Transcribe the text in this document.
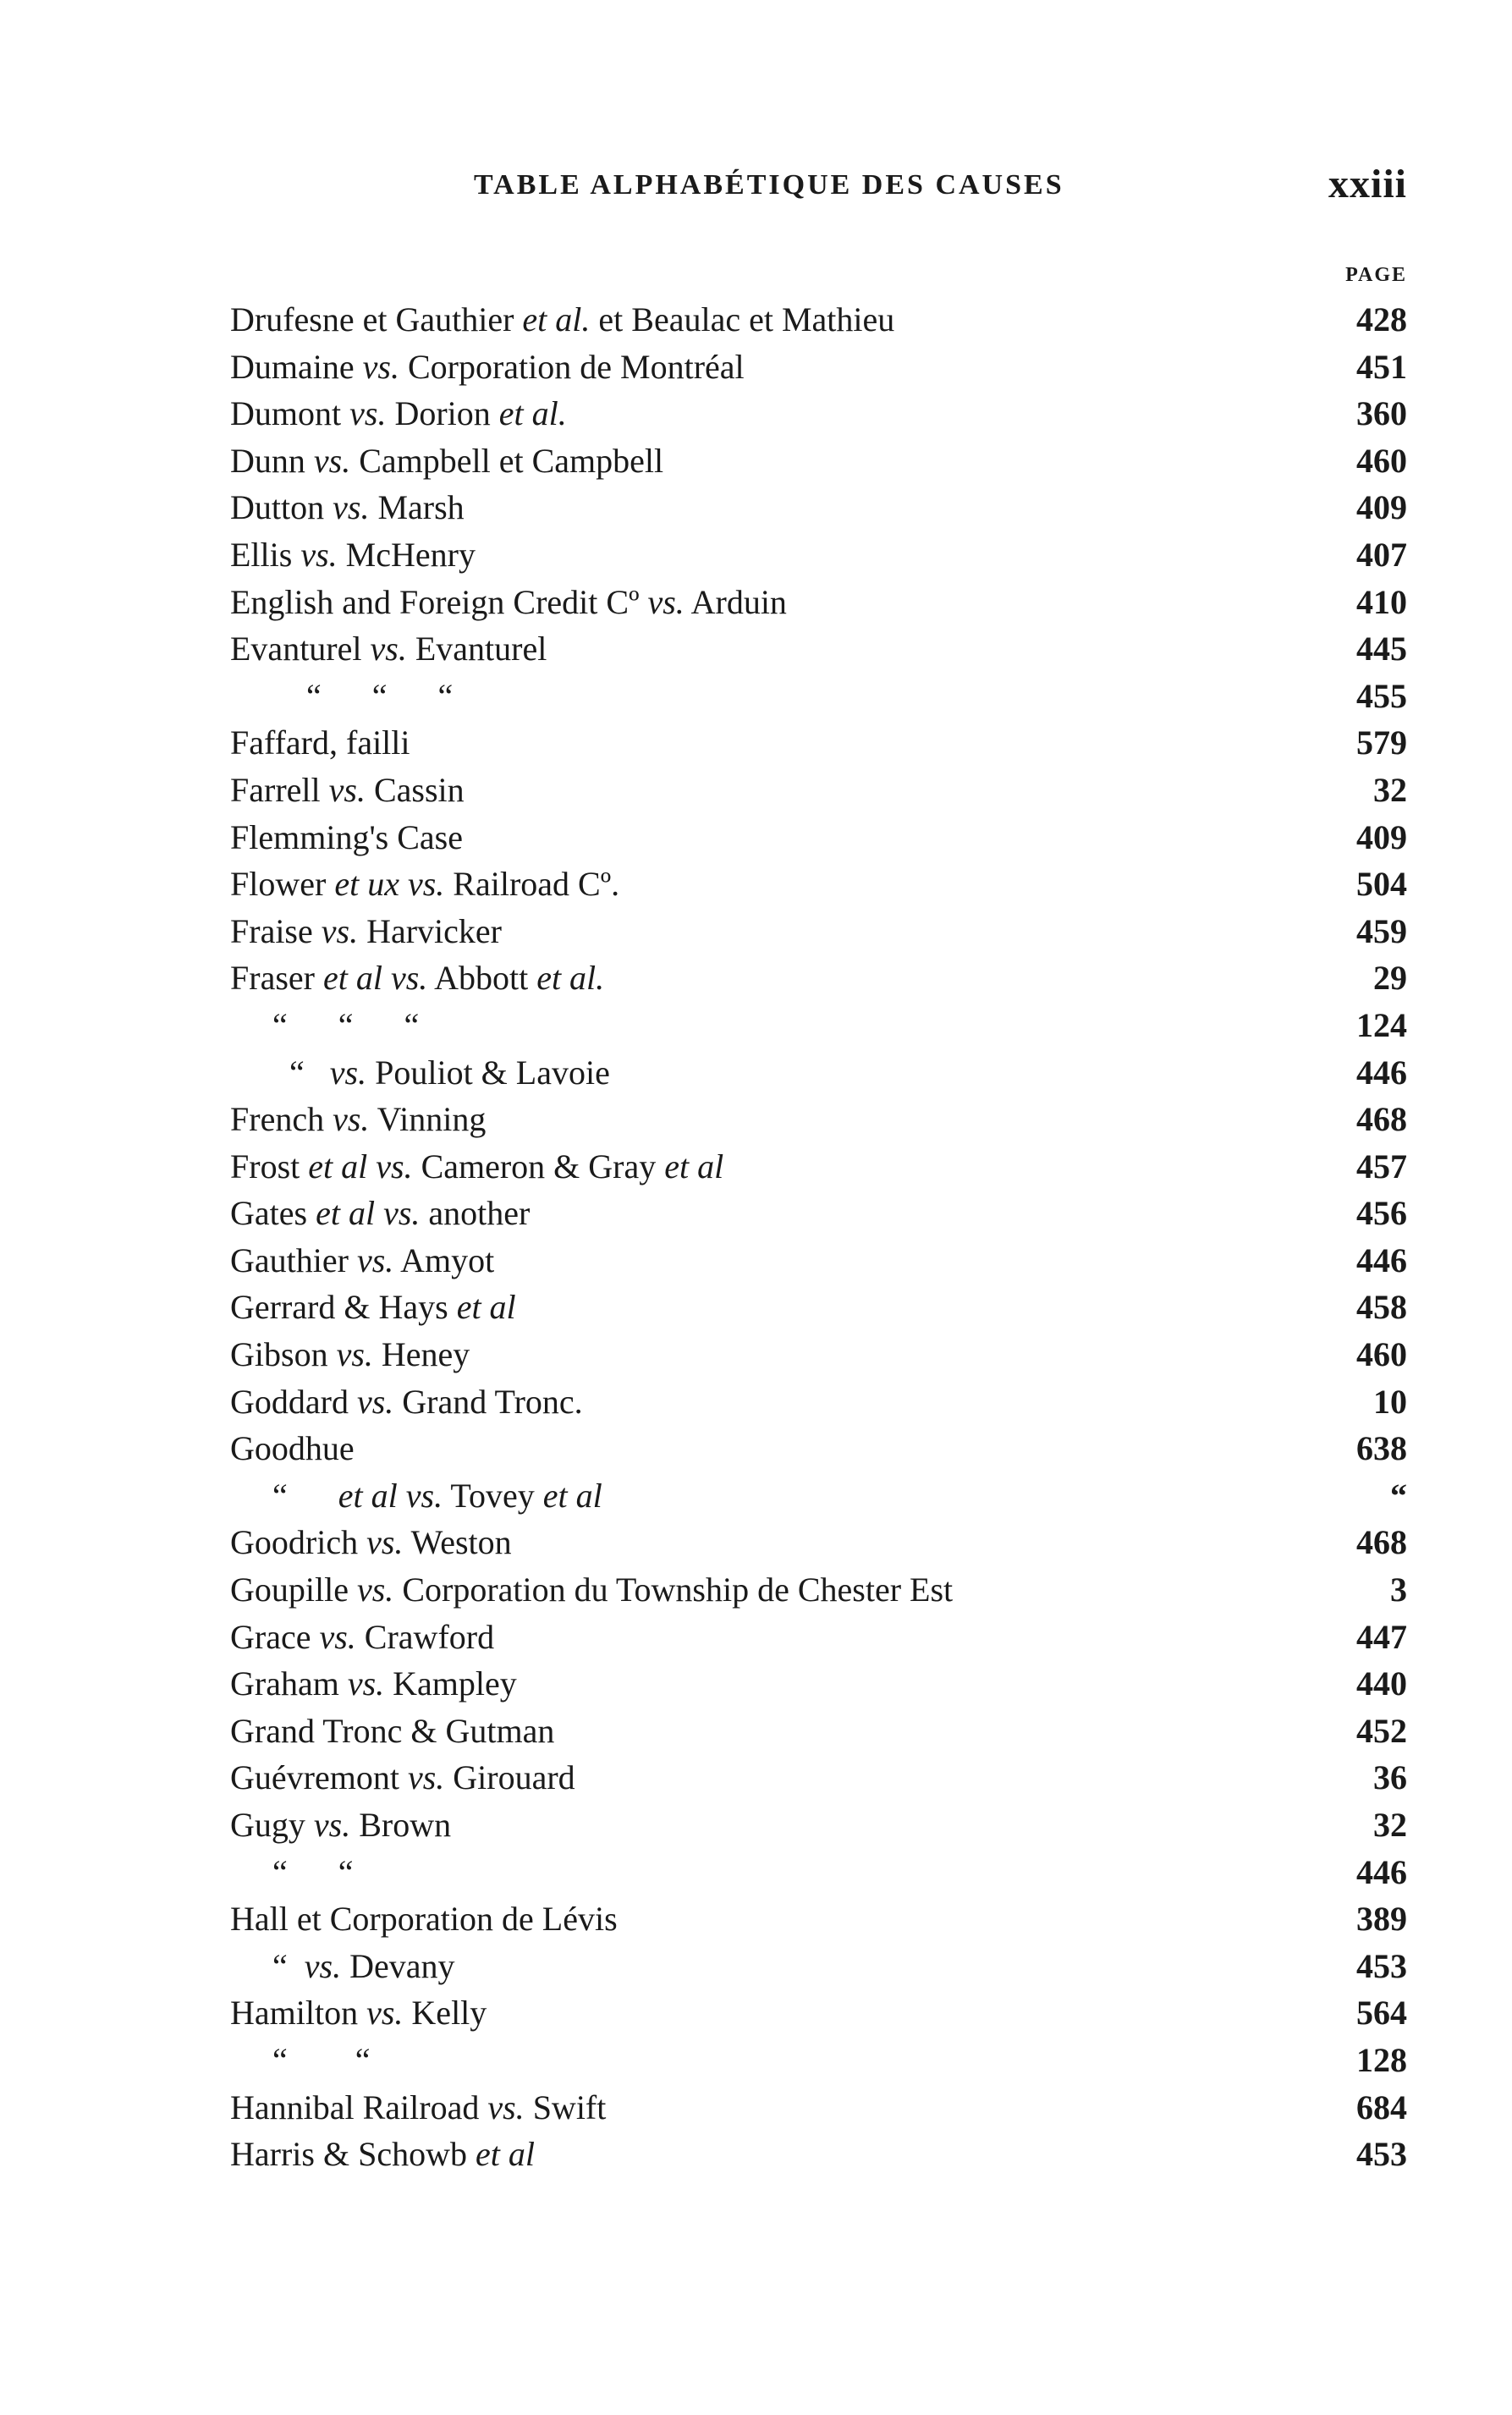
TABLE ALPHABÉTIQUE DES CAUSES	xxiii
PAGE
Drufesne et Gauthier et al. et Beaulac et Mathieu	428
Dumaine vs. Corporation de Montréal	451
Dumont vs. Dorion et al.	360
Dunn vs. Campbell et Campbell	460
Dutton vs. Marsh	409
Ellis vs. McHenry	407
English and Foreign Credit Cº vs. Arduin	410
Evanturel vs. Evanturel	445
“      “      “	455
Faffard, failli	579
Farrell vs. Cassin	32
Flemming's Case	409
Flower et ux vs. Railroad Cº.	504
Fraise vs. Harvicker	459
Fraser et al vs. Abbott et al.	29
“      “      “	124
“   vs. Pouliot & Lavoie	446
French vs. Vinning	468
Frost et al vs. Cameron & Gray et al	457
Gates et al vs. another	456
Gauthier vs. Amyot	446
Gerrard & Hays et al	458
Gibson vs. Heney	460
Goddard vs. Grand Tronc.	10
Goodhue	638
“      et al vs. Tovey et al	“
Goodrich vs. Weston	468
Goupille vs. Corporation du Township de Chester Est	3
Grace vs. Crawford	447
Graham vs. Kampley	440
Grand Tronc & Gutman	452
Guévremont vs. Girouard	36
Gugy vs. Brown	32
“      “	446
Hall et Corporation de Lévis	389
“  vs. Devany	453
Hamilton vs. Kelly	564
“        “	128
Hannibal Railroad vs. Swift	684
Harris & Schowb et al	453
